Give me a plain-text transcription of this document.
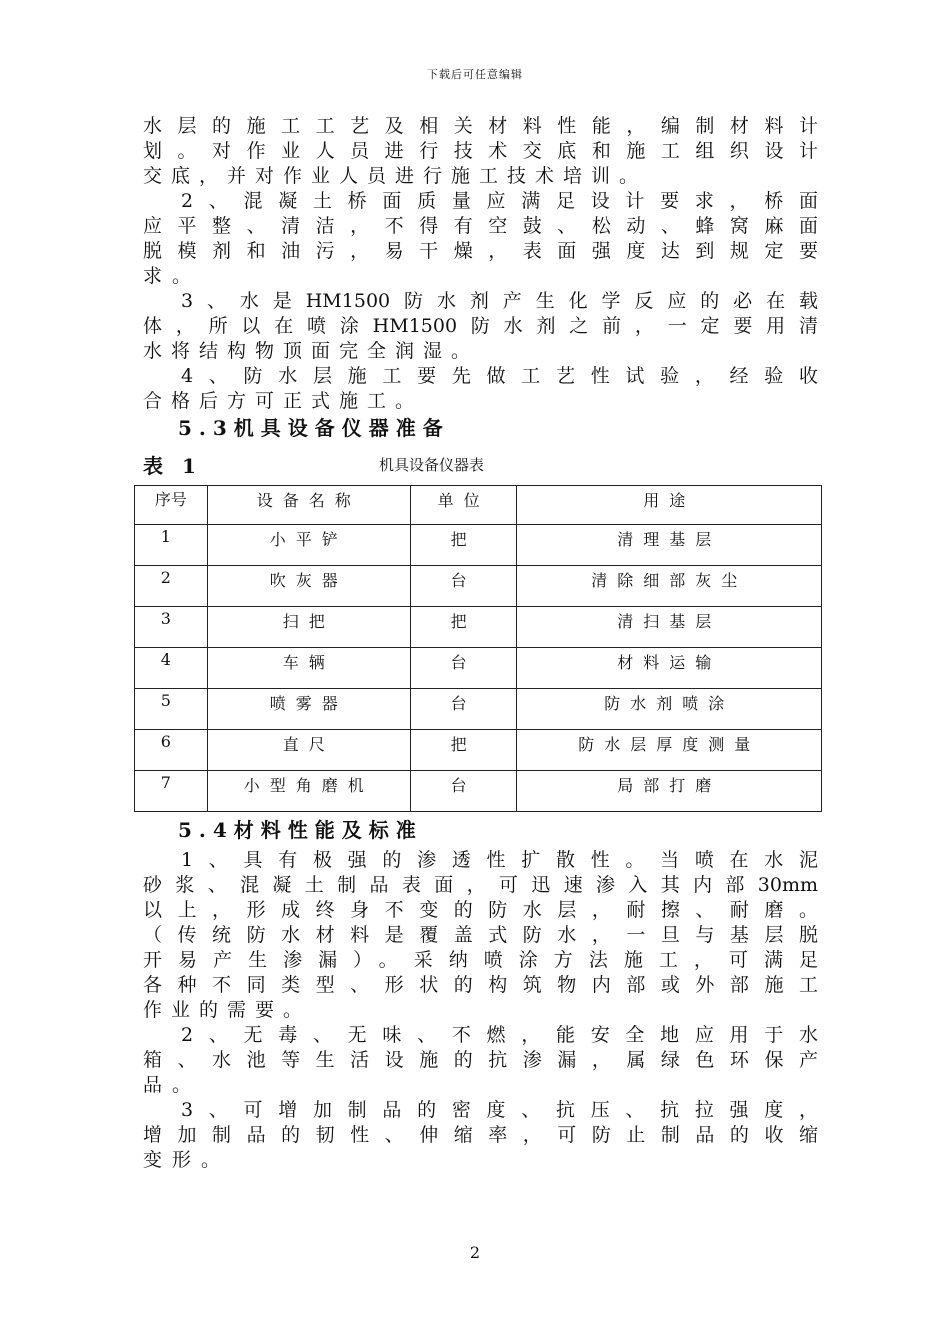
下载后可任意编辑
水层的施工工艺及相关材料性能，编制材料计
划。对作业人员进行技术交底和施工组织设计
交底，并对作业人员进行施工技术培训。
2、混凝土桥面质量应满足设计要求，桥面
应平整、清洁，不得有空鼓、松动、蜂窝麻面
脱模剂和油污，易干燥，表面强度达到规定要
求。
3、水是HM1500防水剂产生化学反应的必在载
体，所以在喷涂HM1500防水剂之前，一定要用清
水将结构物顶面完全润湿。
4、防水层施工要先做工艺性试验，经验收
合格后方可正式施工。
5.3机具设备仪器准备
表 1	机具设备仪器表
序号	设备名称	单位	用途
1	小平铲	把	清理基层
2	吹灰器	台	清除细部灰尘
3	扫把	把	清扫基层
4	车辆	台	材料运输
5	喷雾器	台	防水剂喷涂
6	直尺	把	防水层厚度测量
7	小型角磨机	台	局部打磨
5.4材料性能及标准
1、具有极强的渗透性扩散性。当喷在水泥
砂浆、混凝土制品表面，可迅速渗入其内部30mm
以上，形成终身不变的防水层，耐擦、耐磨。
（传统防水材料是覆盖式防水，一旦与基层脱
开易产生渗漏）。采纳喷涂方法施工，可满足
各种不同类型、形状的构筑物内部或外部施工
作业的需要。
2、无毒、无味、不燃，能安全地应用于水
箱、水池等生活设施的抗渗漏，属绿色环保产
品。
3、可增加制品的密度、抗压、抗拉强度，
增加制品的韧性、伸缩率，可防止制品的收缩
变形。
2
